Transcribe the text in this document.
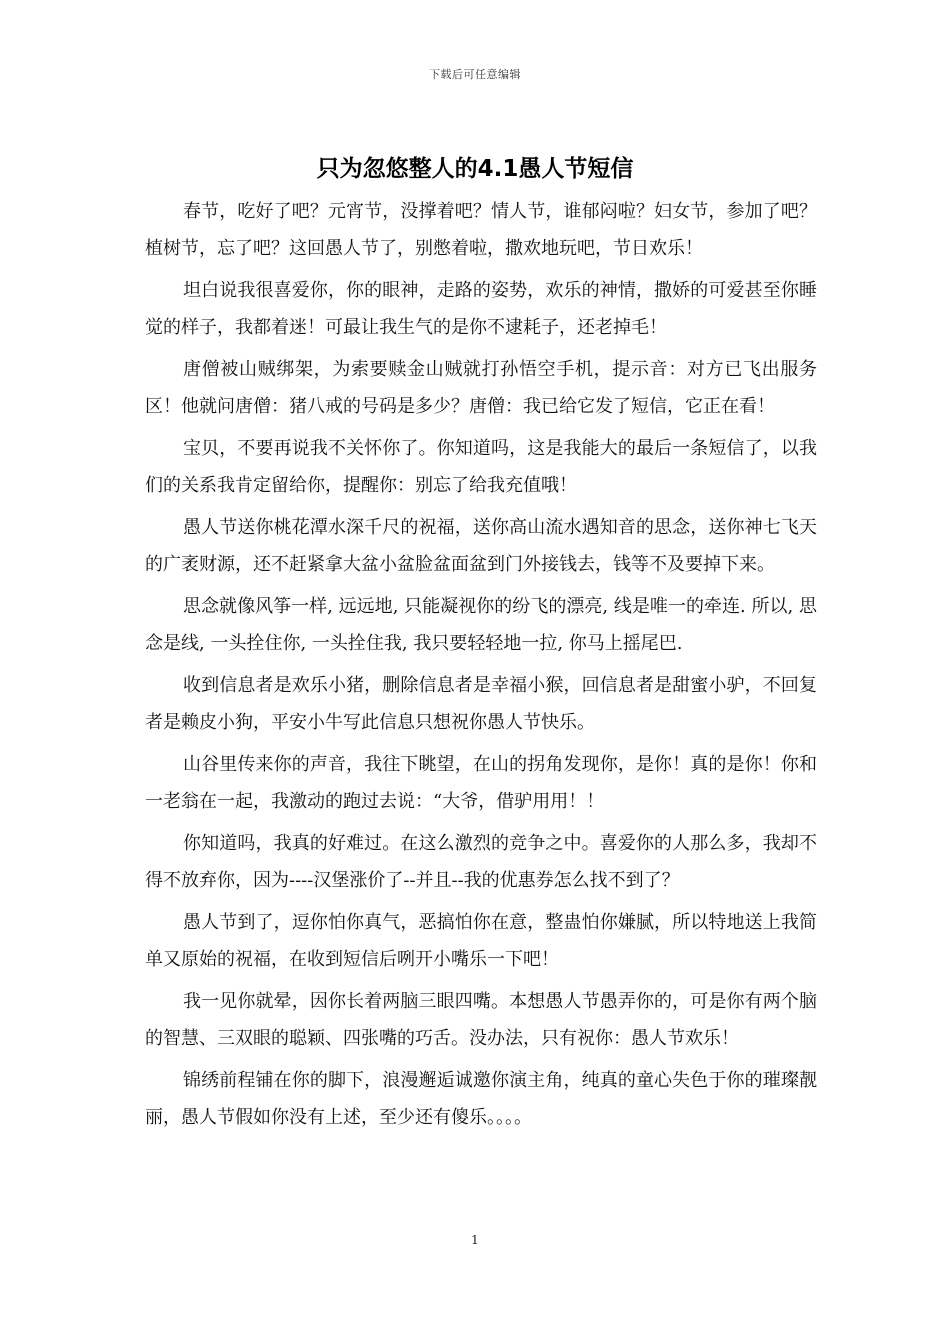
下载后可任意编辑
只为忽悠整人的4.1愚人节短信

春节，吃好了吧？元宵节，没撑着吧？情人节，谁郁闷啦？妇女节，参加了吧？植树节，忘了吧？这回愚人节了，别憋着啦，撒欢地玩吧，节日欢乐！

坦白说我很喜爱你，你的眼神，走路的姿势，欢乐的神情，撒娇的可爱甚至你睡觉的样子，我都着迷！可最让我生气的是你不逮耗子，还老掉毛！

唐僧被山贼绑架，为索要赎金山贼就打孙悟空手机，提示音：对方已飞出服务区！他就问唐僧：猪八戒的号码是多少？唐僧：我已给它发了短信，它正在看！

宝贝，不要再说我不关怀你了。你知道吗，这是我能大的最后一条短信了，以我们的关系我肯定留给你，提醒你：别忘了给我充值哦！

愚人节送你桃花潭水深千尺的祝福，送你高山流水遇知音的思念，送你神七飞天的广袤财源，还不赶紧拿大盆小盆脸盆面盆到门外接钱去，钱等不及要掉下来。

思念就像风筝一样, 远远地, 只能凝视你的纷飞的漂亮, 线是唯一的牵连. 所以, 思念是线, 一头拴住你, 一头拴住我, 我只要轻轻地一拉, 你马上摇尾巴.

收到信息者是欢乐小猪，删除信息者是幸福小猴，回信息者是甜蜜小驴，不回复者是赖皮小狗，平安小牛写此信息只想祝你愚人节快乐。

山谷里传来你的声音，我往下眺望，在山的拐角发现你，是你！真的是你！你和一老翁在一起，我激动的跑过去说：“大爷，借驴用用！！

你知道吗，我真的好难过。在这么激烈的竞争之中。喜爱你的人那么多，我却不得不放弃你，因为----汉堡涨价了--并且--我的优惠券怎么找不到了？

愚人节到了，逗你怕你真气，恶搞怕你在意，整蛊怕你嫌腻，所以特地送上我简单又原始的祝福，在收到短信后咧开小嘴乐一下吧！

我一见你就晕，因你长着两脑三眼四嘴。本想愚人节愚弄你的，可是你有两个脑的智慧、三双眼的聪颖、四张嘴的巧舌。没办法，只有祝你：愚人节欢乐！

锦绣前程铺在你的脚下，浪漫邂逅诚邀你演主角，纯真的童心失色于你的璀璨靓丽，愚人节假如你没有上述，至少还有傻乐。。。。

1
